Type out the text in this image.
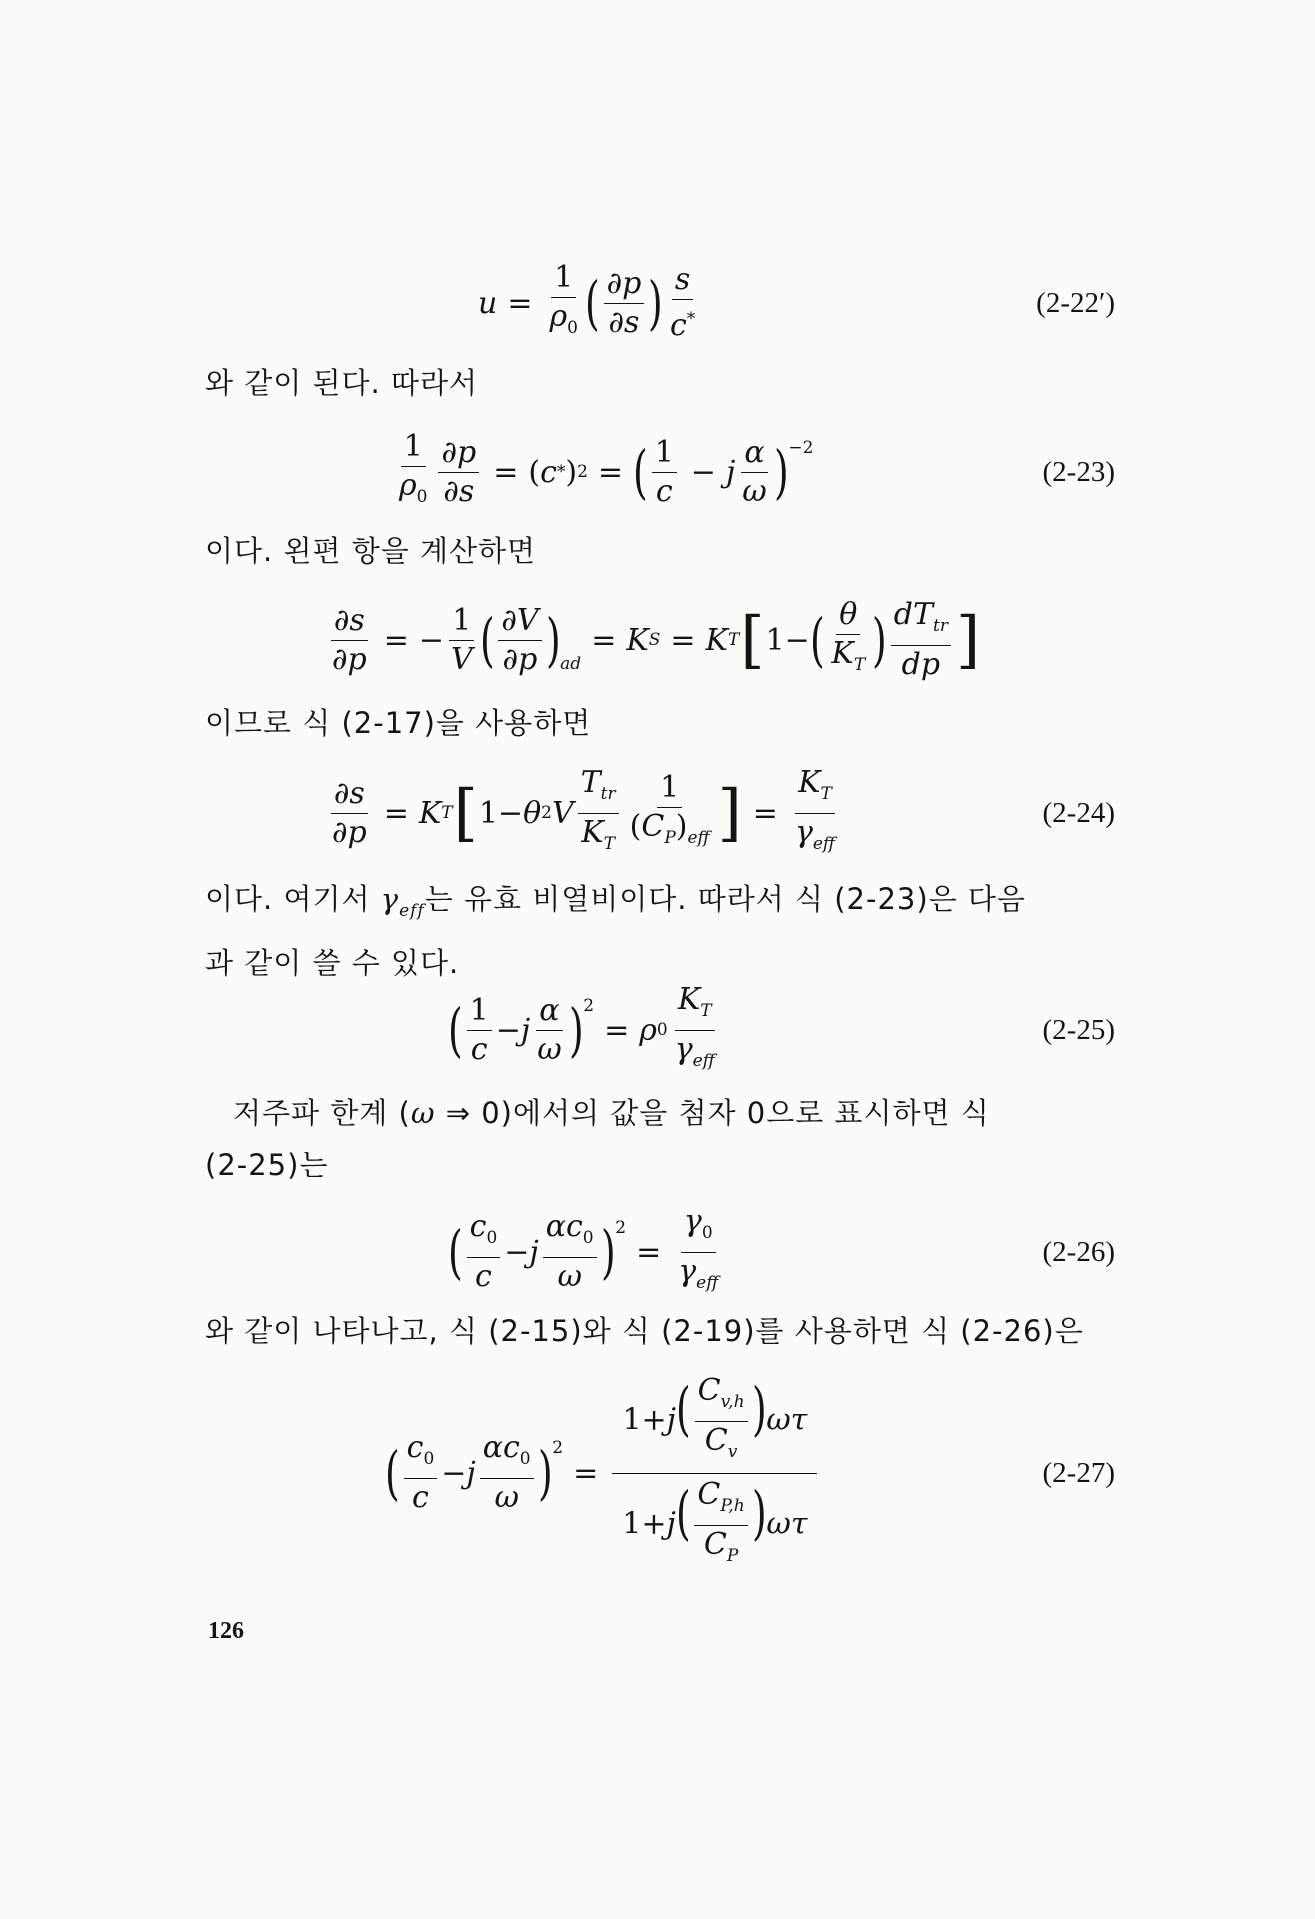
$u = \frac{1}{\rho_0}$ ( $\frac{\partial p}{\partial s}$ ) $\frac{s}{c^*}$	(2-22′)
와 같이 된다. 따라서
$\frac{1}{\rho_0} \frac{\partial p}{\partial s}$ = ( c * ) 2 = ( $\frac{1}{c} - j \frac{\alpha}{\omega} )^{-2}$
(2-23)
이다. 왼편 항을 계산하면
$\frac{\partial s}{\partial p}$ = − $\frac{1}{V}$ ( $\frac{\partial V}{\partial p} )_{ad}$
= K S = K T [ 1− ( $\frac{\theta}{K_T}$ ) $\frac{dT_{tr}}{dp}$ ]
이므로 식 (2-17)을 사용하면
$\frac{\partial s}{\partial p} = K$ T [ 1− θ 2 V $\frac{T_{tr}}{K_T} \frac{1}{(C_P)_{eff}}$ ] = $\frac{K_T}{\gamma_{eff}}$	(2-24)
이다. 여기서 $\gamma_{eff}$는 유효 비열비이다. 따라서 식 (2-23)은 다음
과 같이 쓸 수 있다.
( $\frac{1}{c} - j \frac{\alpha}{\omega} )^2$
= ρ $0 \frac{K_T}{\gamma_{eff}}$	(2-25)
저주파 한계 (ω ⇒ 0)에서의 값을 첨자 0으로 표시하면 식
(2-25)는
( $\frac{c_0}{c} - j \frac{\alpha c_0}{\omega} )^2$
= $\frac{\gamma_0}{\gamma_{eff}}$	(2-26)
와 같이 나타나고, 식 (2-15)와 식 (2-19)를 사용하면 식 (2-26)은
( $\frac{c_0}{c} - j \frac{\alpha c_0}{\omega} )^2$
= $\frac{1+j( \frac{C_{v,h}}{C_v} )\omega\tau}{1+j( \frac{C_{P,h}}{C_P} )\omega\tau}$	(2-27)
126
